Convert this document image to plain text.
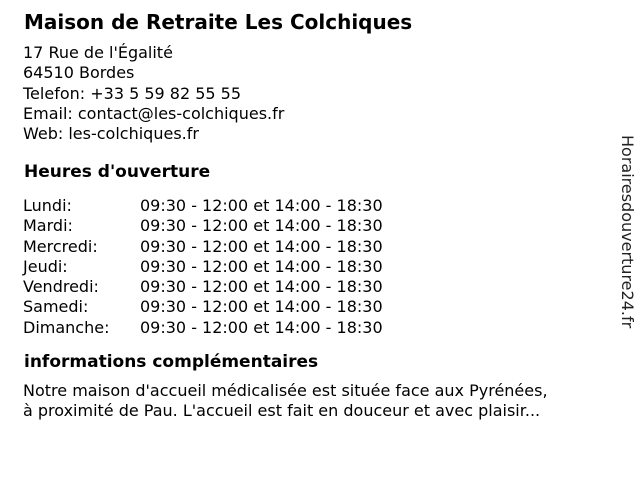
Maison de Retraite Les Colchiques
17 Rue de l'Égalité
64510 Bordes
Telefon: +33 5 59 82 55 55
Email: contact@les-colchiques.fr
Web: les-colchiques.fr
Heures d'ouverture
Lundi:	09:30 - 12:00 et 14:00 - 18:30
Mardi:	09:30 - 12:00 et 14:00 - 18:30
Mercredi:	09:30 - 12:00 et 14:00 - 18:30
Jeudi:	09:30 - 12:00 et 14:00 - 18:30
Vendredi:	09:30 - 12:00 et 14:00 - 18:30
Samedi:	09:30 - 12:00 et 14:00 - 18:30
Dimanche:	09:30 - 12:00 et 14:00 - 18:30
informations complémentaires
Notre maison d'accueil médicalisée est située face aux Pyrénées,
à proximité de Pau. L'accueil est fait en douceur et avec plaisir...
Horairesdouverture24.fr
